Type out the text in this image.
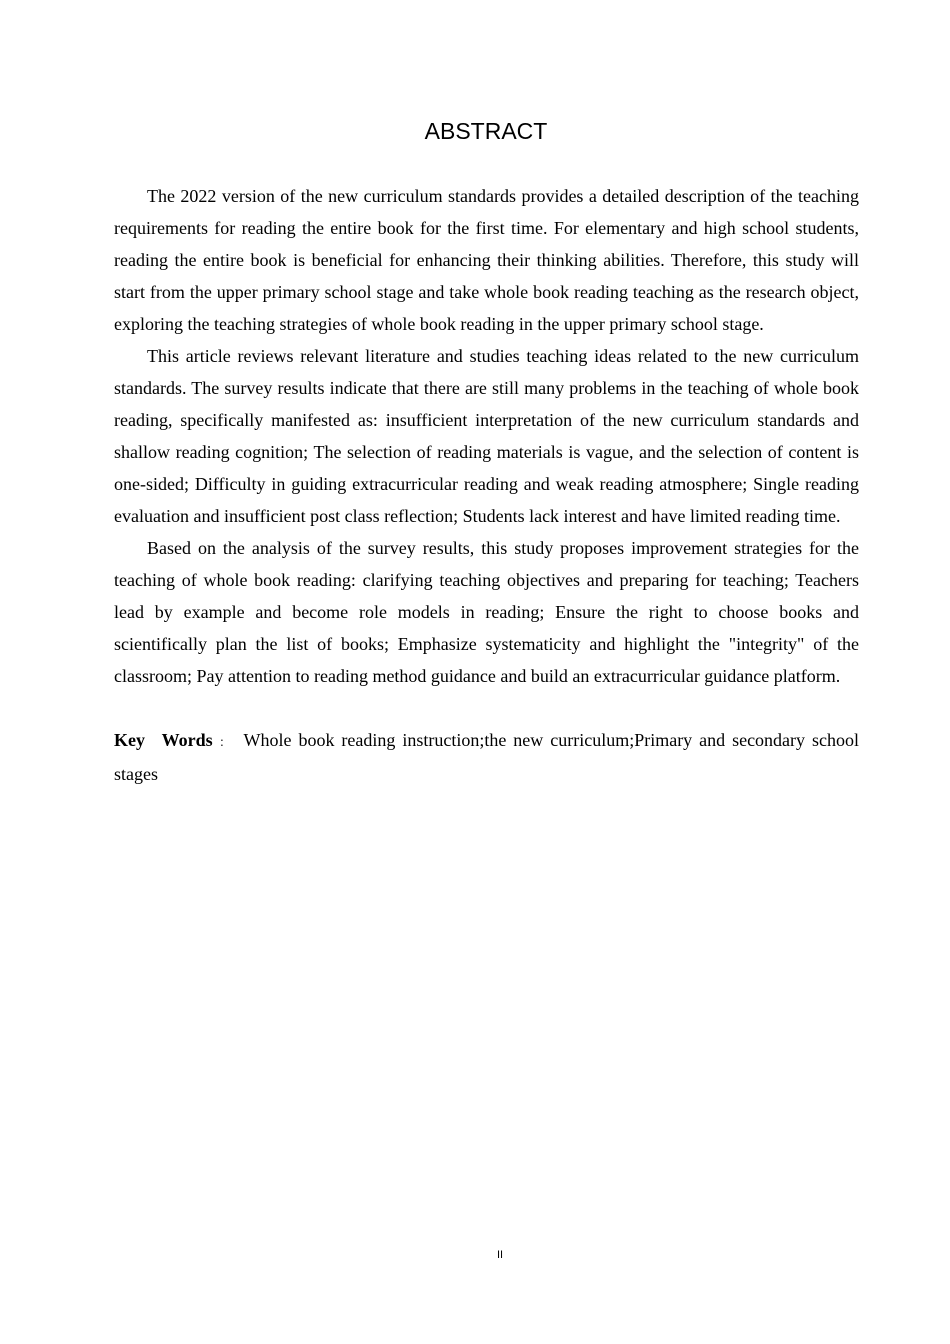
ABSTRACT

The 2022 version of the new curriculum standards provides a detailed description of the teaching requirements for reading the entire book for the first time. For elementary and high school students, reading the entire book is beneficial for enhancing their thinking abilities. Therefore, this study will start from the upper primary school stage and take whole book reading teaching as the research object, exploring the teaching strategies of whole book reading in the upper primary school stage.

This article reviews relevant literature and studies teaching ideas related to the new curriculum standards. The survey results indicate that there are still many problems in the teaching of whole book reading, specifically manifested as: insufficient interpretation of the new curriculum standards and shallow reading cognition; The selection of reading materials is vague, and the selection of content is one-sided; Difficulty in guiding extracurricular reading and weak reading atmosphere; Single reading evaluation and insufficient post class reflection; Students lack interest and have limited reading time.

Based on the analysis of the survey results, this study proposes improvement strategies for the teaching of whole book reading: clarifying teaching objectives and preparing for teaching; Teachers lead by example and become role models in reading; Ensure the right to choose books and scientifically plan the list of books; Emphasize systematicity and highlight the "integrity" of the classroom; Pay attention to reading method guidance and build an extracurricular guidance platform.

Key Words ： Whole book reading instruction;the new curriculum;Primary and secondary school stages

II
